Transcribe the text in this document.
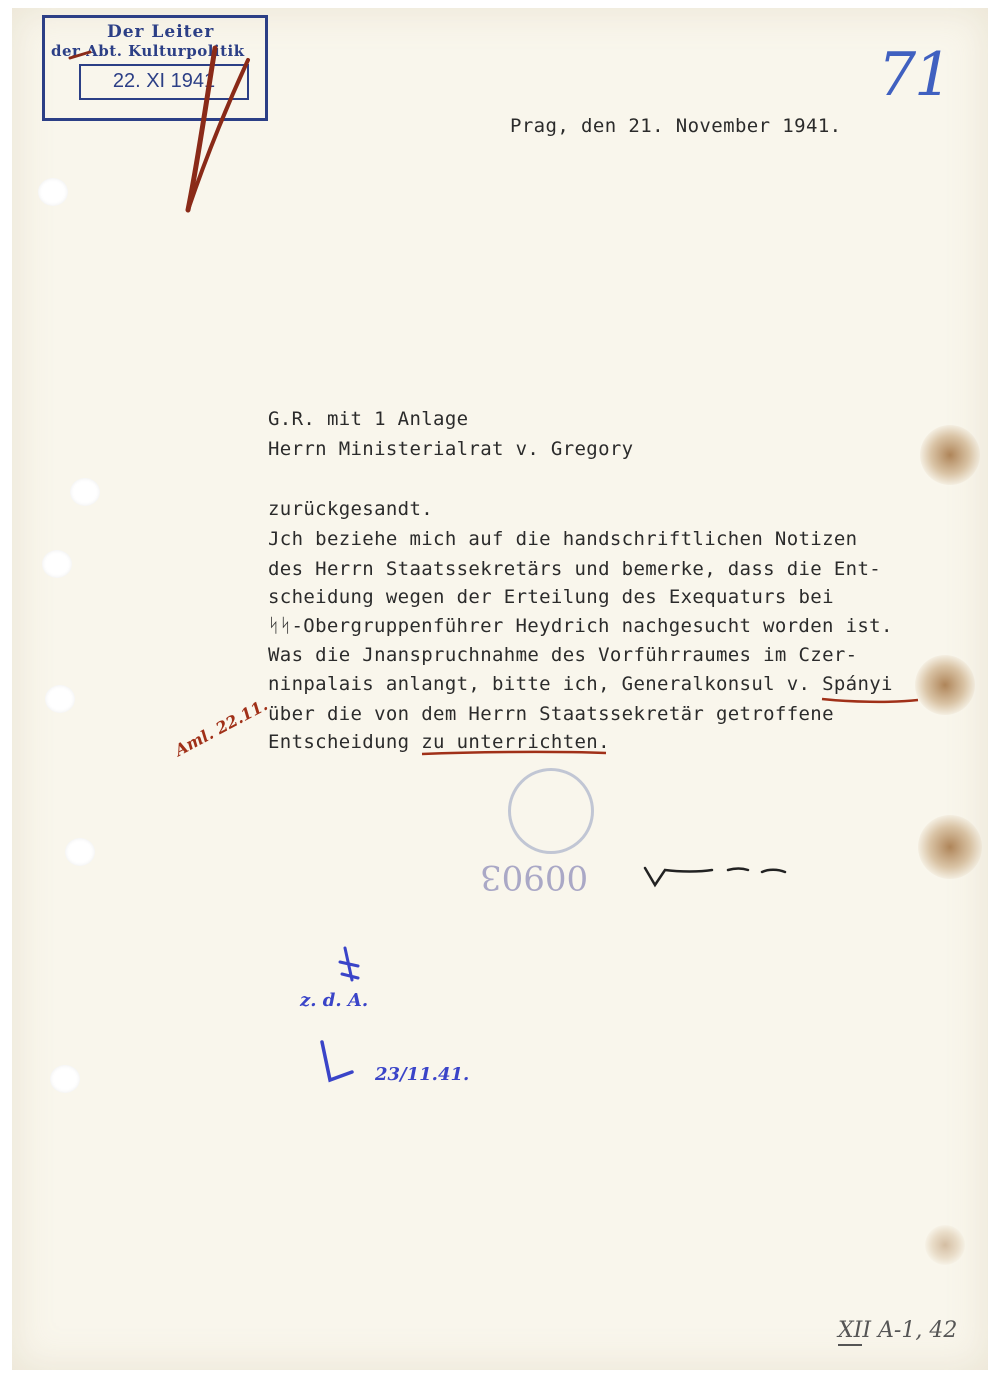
Der Leiter
der Abt. Kulturpolitik
22. XI 1941	71
Prag, den 21. November 1941.
G.R. mit 1 Anlage
Herrn Ministerialrat v. Gregory
zurückgesandt.
Jch beziehe mich auf die handschriftlichen Notizen
des Herrn Staatssekretärs und bemerke, dass die Ent-
scheidung wegen der Erteilung des Exequaturs bei
ᛋᛋ-Obergruppenführer Heydrich nachgesucht worden ist.
Was die Jnanspruchnahme des Vorführraumes im Czer-
ninpalais anlangt, bitte ich, Generalkonsul v. Spányi
über die von dem Herrn Staatssekretär getroffene
Entscheidung zu unterrichten.
00903
Aml. 22.11.
z. d. A.
23/11.41.
XII A-1, 42
